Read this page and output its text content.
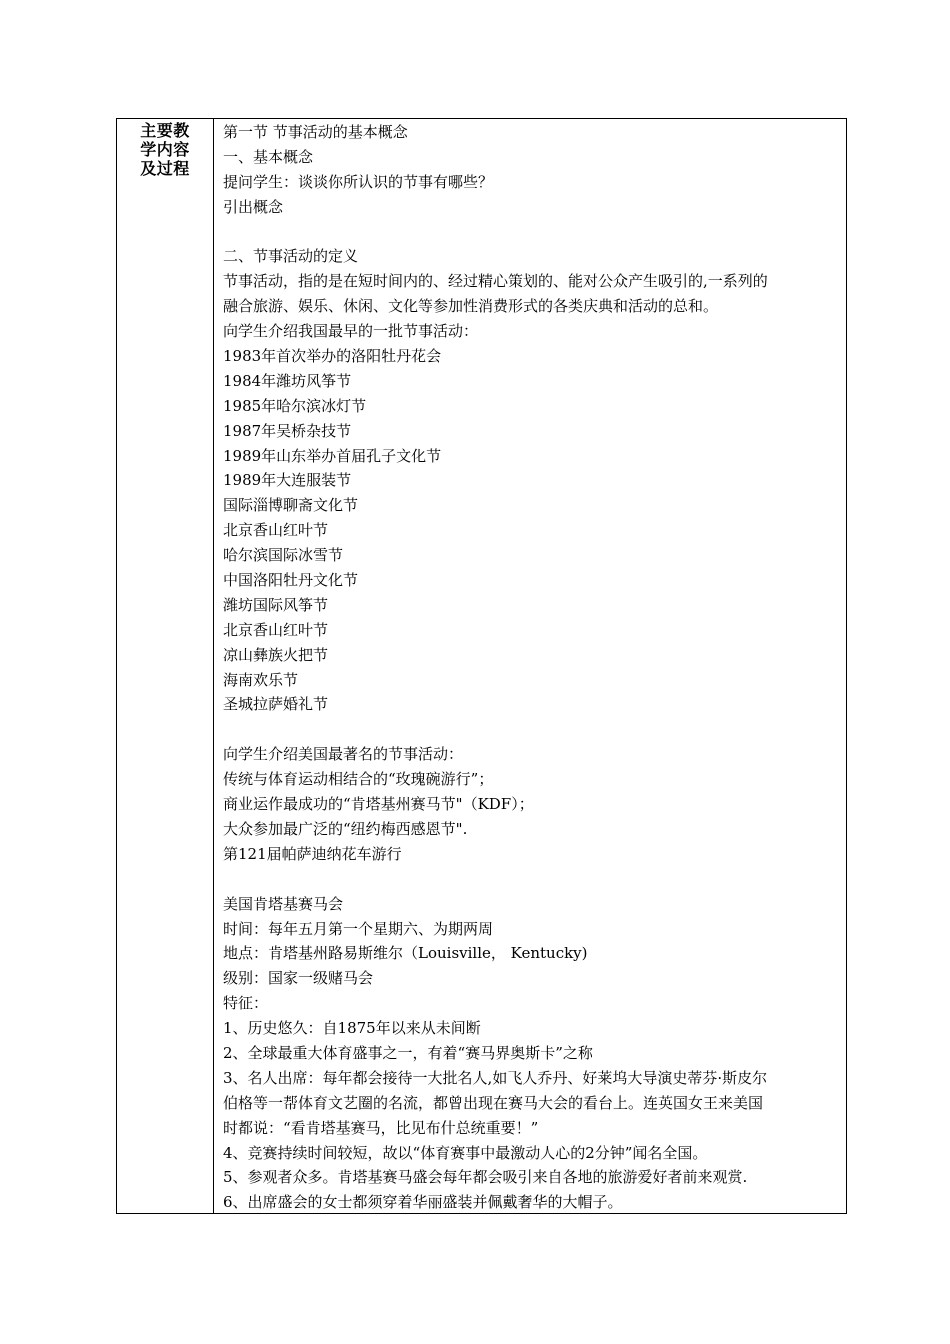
主要教
学内容
及过程
第一节 节事活动的基本概念
一、基本概念
提问学生：谈谈你所认识的节事有哪些？
引出概念
二、节事活动的定义
节事活动，指的是在短时间内的、经过精心策划的、能对公众产生吸引的,一系列的
融合旅游、娱乐、休闲、文化等参加性消费形式的各类庆典和活动的总和。
向学生介绍我国最早的一批节事活动：
1983年首次举办的洛阳牡丹花会
1984年潍坊风筝节
1985年哈尔滨冰灯节
1987年吴桥杂技节
1989年山东举办首届孔子文化节
1989年大连服装节
国际淄博聊斋文化节
北京香山红叶节
哈尔滨国际冰雪节
中国洛阳牡丹文化节
潍坊国际风筝节
北京香山红叶节
凉山彝族火把节
海南欢乐节
圣城拉萨婚礼节
向学生介绍美国最著名的节事活动：
传统与体育运动相结合的“玫瑰碗游行”；
商业运作最成功的“肯塔基州赛马节"（KDF）；
大众参加最广泛的“纽约梅西感恩节".
第121届帕萨迪纳花车游行
美国肯塔基赛马会
时间：每年五月第一个星期六、为期两周
地点：肯塔基州路易斯维尔（Louisville， Kentucky)
级别：国家一级赌马会
特征：
1、历史悠久：自1875年以来从未间断
2、全球最重大体育盛事之一，有着“赛马界奥斯卡”之称
3、名人出席：每年都会接待一大批名人,如飞人乔丹、好莱坞大导演史蒂芬·斯皮尔
伯格等一帮体育文艺圈的名流，都曾出现在赛马大会的看台上。连英国女王来美国
时都说：“看肯塔基赛马，比见布什总统重要！”
4、竞赛持续时间较短，故以“体育赛事中最激动人心的2分钟”闻名全国。
5、参观者众多。肯塔基赛马盛会每年都会吸引来自各地的旅游爱好者前来观赏.
6、出席盛会的女士都须穿着华丽盛装并佩戴奢华的大帽子。
